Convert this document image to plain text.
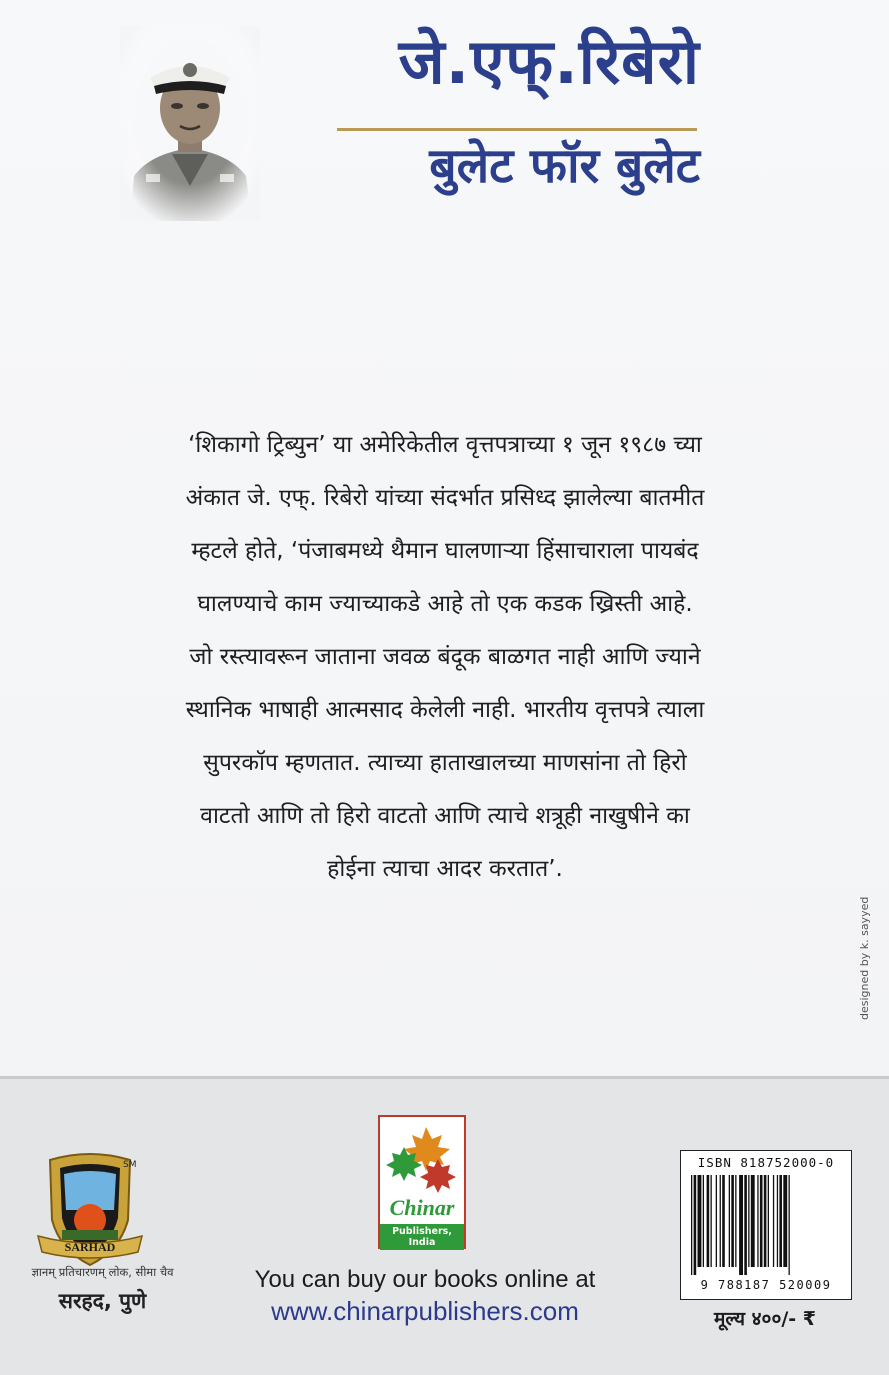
जे.एफ्.रिबेरो
बुलेट फॉर बुलेट
‘शिकागो ट्रिब्युन’ या अमेरिकेतील वृत्तपत्राच्या १ जून १९८७ च्या
अंकात जे. एफ्. रिबेरो यांच्या संदर्भात प्रसिध्द झालेल्या बातमीत
म्हटले होते, ‘पंजाबमध्ये थैमान घालणाऱ्या हिंसाचाराला पायबंद
घालण्याचे काम ज्याच्याकडे आहे तो एक कडक ख्रिस्ती आहे.
जो रस्त्यावरून जाताना जवळ बंदूक बाळगत नाही आणि ज्याने
स्थानिक भाषाही आत्मसाद केलेली नाही. भारतीय वृत्तपत्रे त्याला
सुपरकॉप म्हणतात. त्याच्या हाताखालच्या माणसांना तो हिरो
वाटतो आणि तो हिरो वाटतो आणि त्याचे शत्रूही नाखुषीने का
होईना त्याचा आदर करतात’.
designed by k. sayyed
SARHAD
SM
ज्ञानम् प्रतिचारणम् लोक, सीमा चैव
सरहद, पुणे
Chinar
Publishers, India
You can buy our books online at
www.chinarpublishers.com
ISBN 818752000-0
9 788187 520009
मूल्य ४००/- ₹
